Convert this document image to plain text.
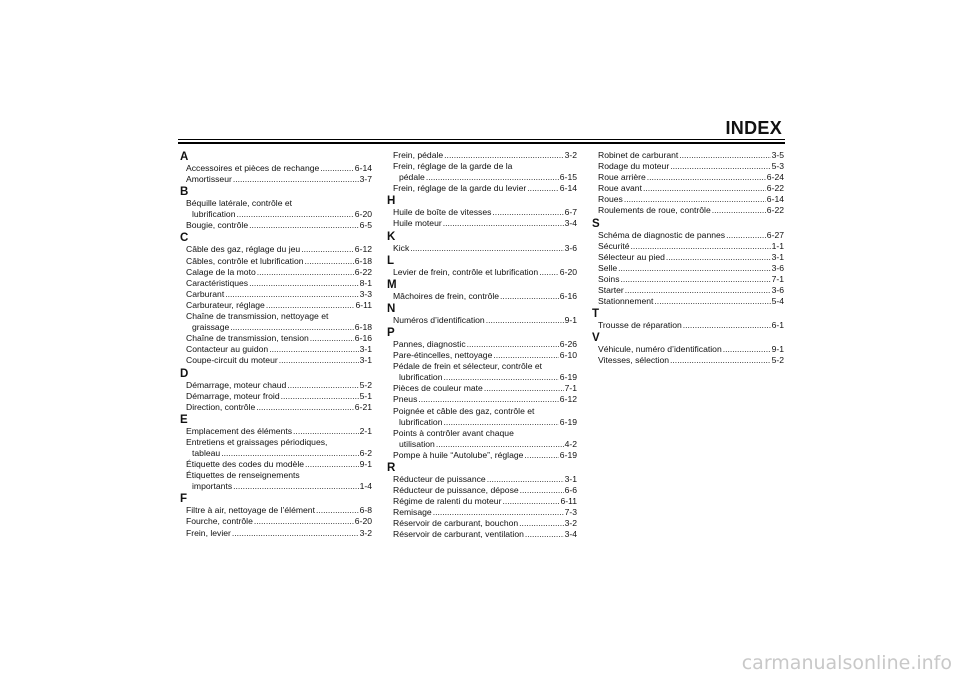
INDEX
A
Accessoires et pièces de rechange .....	6-14
Amortisseur .....	3-7
B
Béquille latérale, contrôle et
lubrification .....	6-20
Bougie, contrôle .....	6-5
C
Câble des gaz, réglage du jeu .....	6-12
Câbles, contrôle et lubrification .....	6-18
Calage de la moto .....	6-22
Caractéristiques .....	8-1
Carburant .....	3-3
Carburateur, réglage .....	6-11
Chaîne de transmission, nettoyage et
graissage .....	6-18
Chaîne de transmission, tension .....	6-16
Contacteur au guidon .....	3-1
Coupe-circuit du moteur .....	3-1
D
Démarrage, moteur chaud .....	5-2
Démarrage, moteur froid .....	5-1
Direction, contrôle .....	6-21
E
Emplacement des éléments .....	2-1
Entretiens et graissages périodiques,
tableau .....	6-2
Étiquette des codes du modèle .....	9-1
Étiquettes de renseignements
importants .....	1-4
F
Filtre à air, nettoyage de l’élément .....	6-8
Fourche, contrôle .....	6-20
Frein, levier .....	3-2
Frein, pédale .....	3-2
Frein, réglage de la garde de la
pédale .....	6-15
Frein, réglage de la garde du levier .....	6-14
H
Huile de boîte de vitesses .....	6-7
Huile moteur .....	3-4
K
Kick .....	3-6
L
Levier de frein, contrôle et lubrification .....	6-20
M
Mâchoires de frein, contrôle .....	6-16
N
Numéros d’identification .....	9-1
P
Pannes, diagnostic .....	6-26
Pare-étincelles, nettoyage .....	6-10
Pédale de frein et sélecteur, contrôle et
lubrification .....	6-19
Pièces de couleur mate .....	7-1
Pneus .....	6-12
Poignée et câble des gaz, contrôle et
lubrification .....	6-19
Points à contrôler avant chaque
utilisation .....	4-2
Pompe à huile “Autolube”, réglage .....	6-19
R
Réducteur de puissance .....	3-1
Réducteur de puissance, dépose .....	6-6
Régime de ralenti du moteur .....	6-11
Remisage .....	7-3
Réservoir de carburant, bouchon .....	3-2
Réservoir de carburant, ventilation .....	3-4
Robinet de carburant .....	3-5
Rodage du moteur .....	5-3
Roue arrière .....	6-24
Roue avant .....	6-22
Roues .....	6-14
Roulements de roue, contrôle .....	6-22
S
Schéma de diagnostic de pannes .....	6-27
Sécurité .....	1-1
Sélecteur au pied .....	3-1
Selle .....	3-6
Soins .....	7-1
Starter .....	3-6
Stationnement .....	5-4
T
Trousse de réparation .....	6-1
V
Véhicule, numéro d’identification .....	9-1
Vitesses, sélection .....	5-2
carmanualsonline.info
